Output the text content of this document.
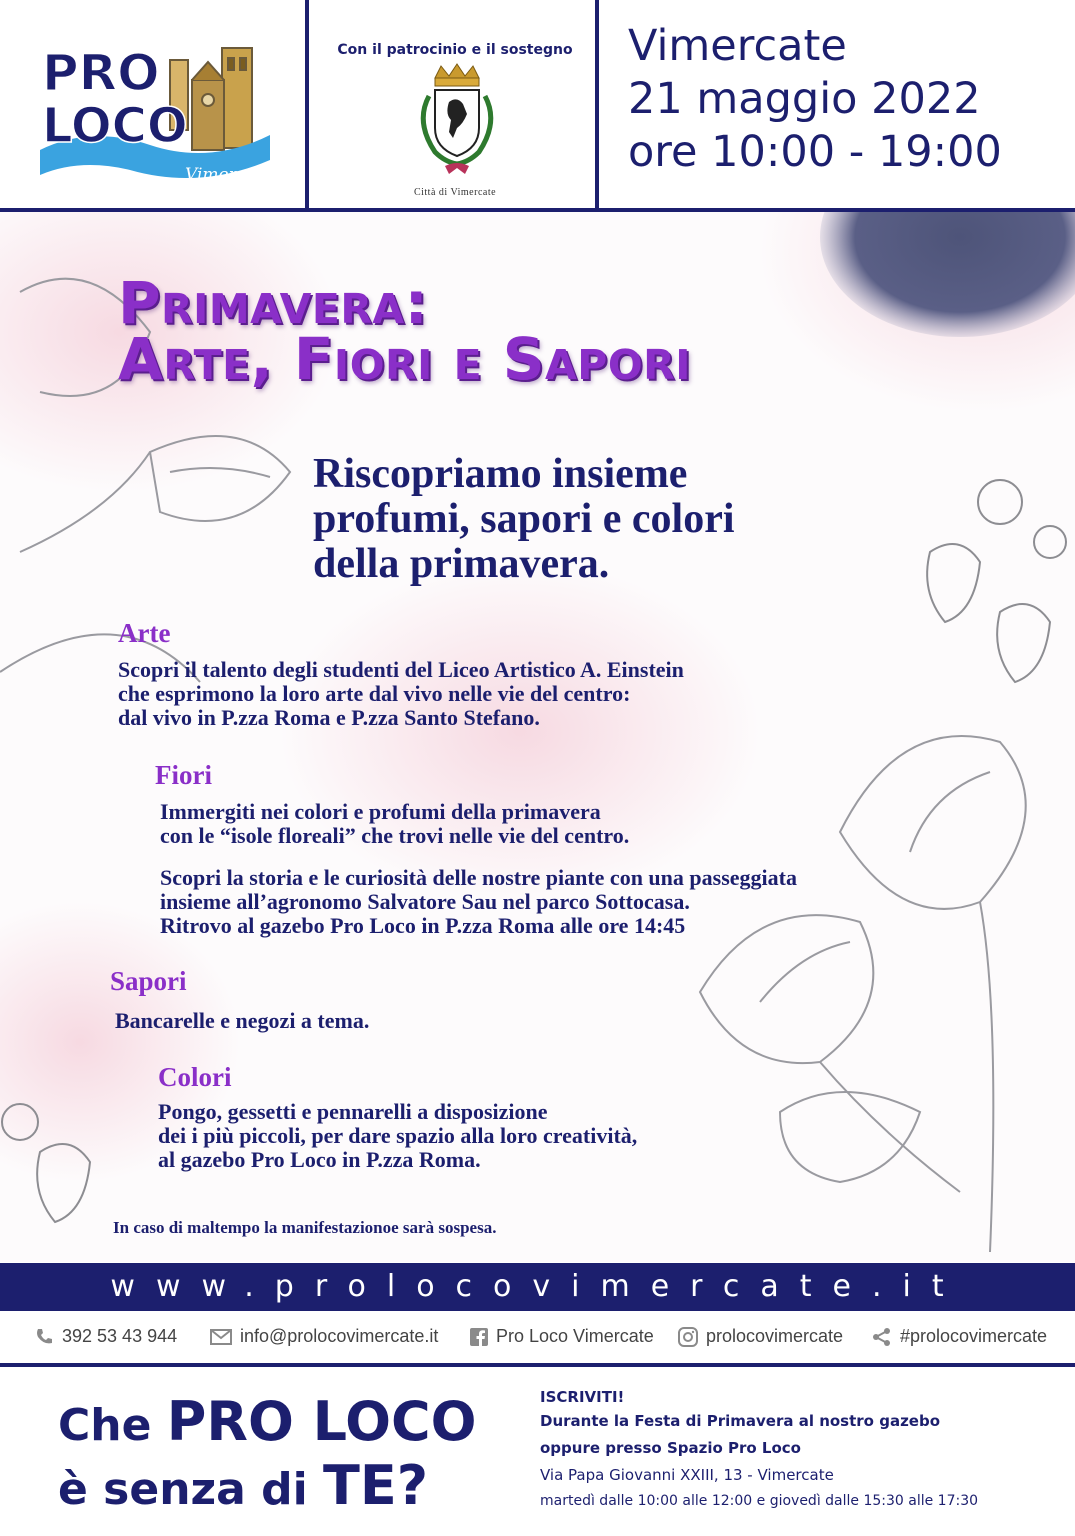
Vimercate
PRO
LOCO
Con il patrocinio e il sostegno
Città di Vimercate
Vimercate
21 maggio 2022
ore 10:00 - 19:00
Primavera:
Arte, Fiori e Sapori
Riscopriamo insieme
profumi, sapori e colori
della primavera.
Arte
Scopri il talento degli studenti del Liceo Artistico A. Einstein
che esprimono la loro arte dal vivo nelle vie del centro:
dal vivo in P.zza Roma e P.zza Santo Stefano.
Fiori
Immergiti nei colori e profumi della primavera
con le “isole floreali” che trovi nelle vie del centro.
Scopri la storia e le curiosità delle nostre piante con una passeggiata
insieme all’agronomo Salvatore Sau nel parco Sottocasa.
Ritrovo al gazebo Pro Loco in P.zza Roma alle ore 14:45
Sapori
Bancarelle e negozi a tema.
Colori
Pongo, gessetti e pennarelli a disposizione
dei i più piccoli, per dare spazio alla loro creatività,
al gazebo Pro Loco in P.zza Roma.
In caso di maltempo la manifestazionoe sarà sospesa.
www.prolocovimercate.it
392 53 43 944	info@prolocovimercate.it	Pro Loco Vimercate	prolocovimercate	#prolocovimercate
Che PRO LOCO
è senza di TE?
ISCRIVITI!
Durante la Festa di Primavera al nostro gazebo
oppure presso Spazio Pro Loco
Via Papa Giovanni XXIII, 13 - Vimercate
martedì dalle 10:00 alle 12:00 e giovedì dalle 15:30 alle 17:30
